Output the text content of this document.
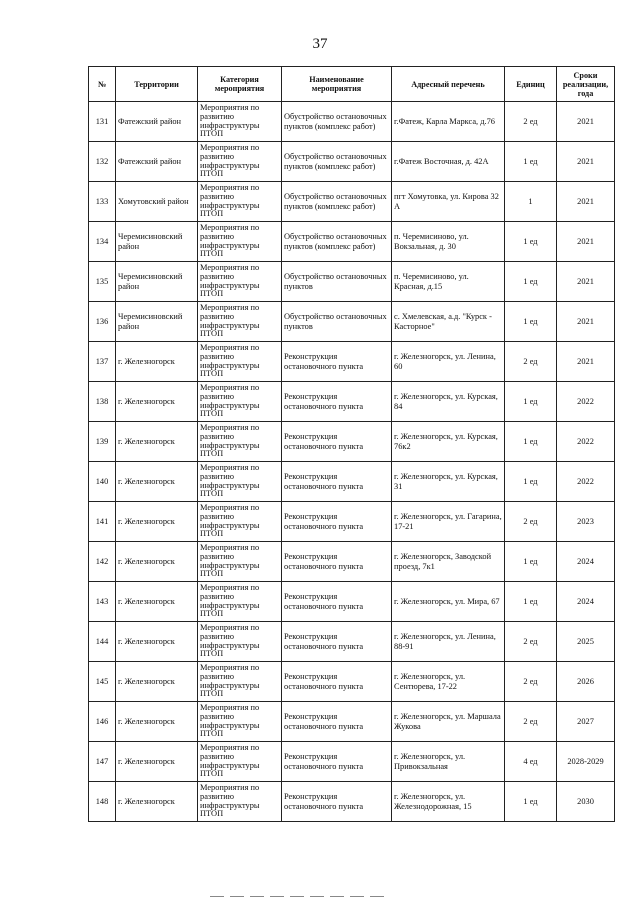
37
№	Территории	Категория мероприятия	Наименование мероприятия	Адресный перечень	Единиц	Сроки реализации, года
131	Фатежский район	Мероприятия по развитию инфраструктуры ПТОП	Обустройство остановочных пунктов (комплекс работ)	г.Фатеж, Карла Маркса, д.76	2 ед	2021
132	Фатежский район	Мероприятия по развитию инфраструктуры ПТОП	Обустройство остановочных пунктов (комплекс работ)	г.Фатеж Восточная, д. 42А	1 ед	2021
133	Хомутовский район	Мероприятия по развитию инфраструктуры ПТОП	Обустройство остановочных пунктов (комплекс работ)	пгт Хомутовка, ул. Кирова 32 А	1	2021
134	Черемисиновский район	Мероприятия по развитию инфраструктуры ПТОП	Обустройство остановочных пунктов (комплекс работ)	п. Черемисиново, ул. Вокзальная, д. 30	1 ед	2021
135	Черемисиновский район	Мероприятия по развитию инфраструктуры ПТОП	Обустройство остановочных пунктов	п. Черемисиново, ул. Красная, д.15	1 ед	2021
136	Черемисиновский район	Мероприятия по развитию инфраструктуры ПТОП	Обустройство остановочных пунктов	с. Хмелевская, а.д. "Курск - Касторное"	1 ед	2021
137	г. Железногорск	Мероприятия по развитию инфраструктуры ПТОП	Реконструкция остановочного пункта	г. Железногорск, ул. Ленина, 60	2 ед	2021
138	г. Железногорск	Мероприятия по развитию инфраструктуры ПТОП	Реконструкция остановочного пункта	г. Железногорск, ул. Курская, 84	1 ед	2022
139	г. Железногорск	Мероприятия по развитию инфраструктуры ПТОП	Реконструкция остановочного пункта	г. Железногорск, ул. Курская, 76к2	1 ед	2022
140	г. Железногорск	Мероприятия по развитию инфраструктуры ПТОП	Реконструкция остановочного пункта	г. Железногорск, ул. Курская, 31	1 ед	2022
141	г. Железногорск	Мероприятия по развитию инфраструктуры ПТОП	Реконструкция остановочного пункта	г. Железногорск, ул. Гагарина, 17-21	2 ед	2023
142	г. Железногорск	Мероприятия по развитию инфраструктуры ПТОП	Реконструкция остановочного пункта	г. Железногорск, Заводской проезд, 7к1	1 ед	2024
143	г. Железногорск	Мероприятия по развитию инфраструктуры ПТОП	Реконструкция остановочного пункта	г. Железногорск, ул. Мира, 67	1 ед	2024
144	г. Железногорск	Мероприятия по развитию инфраструктуры ПТОП	Реконструкция остановочного пункта	г. Железногорск, ул. Ленина, 88-91	2 ед	2025
145	г. Железногорск	Мероприятия по развитию инфраструктуры ПТОП	Реконструкция остановочного пункта	г. Железногорск, ул. Сентюрева, 17-22	2 ед	2026
146	г. Железногорск	Мероприятия по развитию инфраструктуры ПТОП	Реконструкция остановочного пункта	г. Железногорск, ул. Маршала Жукова	2 ед	2027
147	г. Железногорск	Мероприятия по развитию инфраструктуры ПТОП	Реконструкция остановочного пункта	г. Железногорск, ул. Привокзальная	4 ед	2028-2029
148	г. Железногорск	Мероприятия по развитию инфраструктуры ПТОП	Реконструкция остановочного пункта	г. Железногорск, ул. Железнодорожная, 15	1 ед	2030
